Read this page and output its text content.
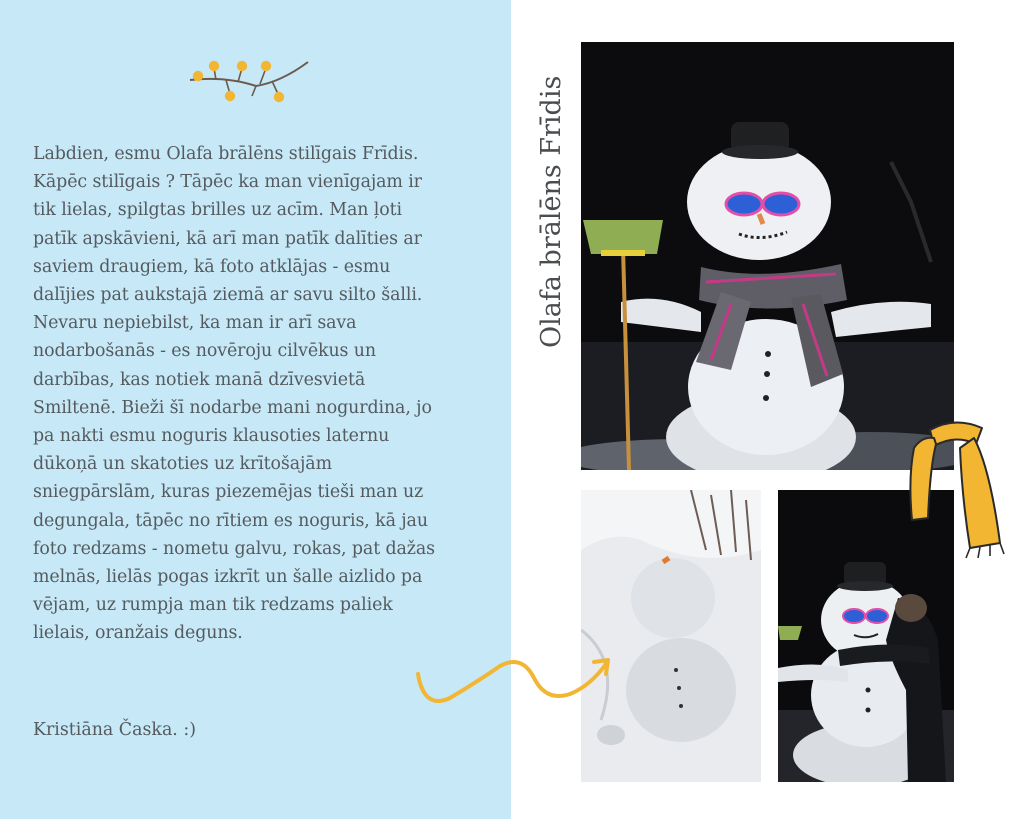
Labdien, esmu Olafa brālēns stilīgais Frīdis.
Kāpēc stilīgais ? Tāpēc ka man vienīgajam ir
tik lielas, spilgtas brilles uz acīm. Man ļoti
patīk apskāvieni, kā arī man patīk dalīties ar
saviem draugiem, kā foto atklājas - esmu
dalījies pat aukstajā ziemā ar savu silto šalli.
Nevaru nepiebilst, ka man ir arī sava
nodarbošanās - es novēroju cilvēkus un
darbības, kas notiek manā dzīvesvietā
Smiltenē. Bieži šī nodarbe mani nogurdina, jo
pa nakti esmu noguris klausoties laternu
dūkoņā un skatoties uz krītošajām
sniegpārslām, kuras piezemējas tieši man uz
degungala, tāpēc no rītiem es noguris, kā jau
foto redzams - nometu galvu, rokas, pat dažas
melnās, lielās pogas izkrīt un šalle aizlido pa
vējam, uz rumpja man tik redzams paliek
lielais, oranžais deguns.
Kristiāna Časka. :)
Olafa brālēns Frīdis
